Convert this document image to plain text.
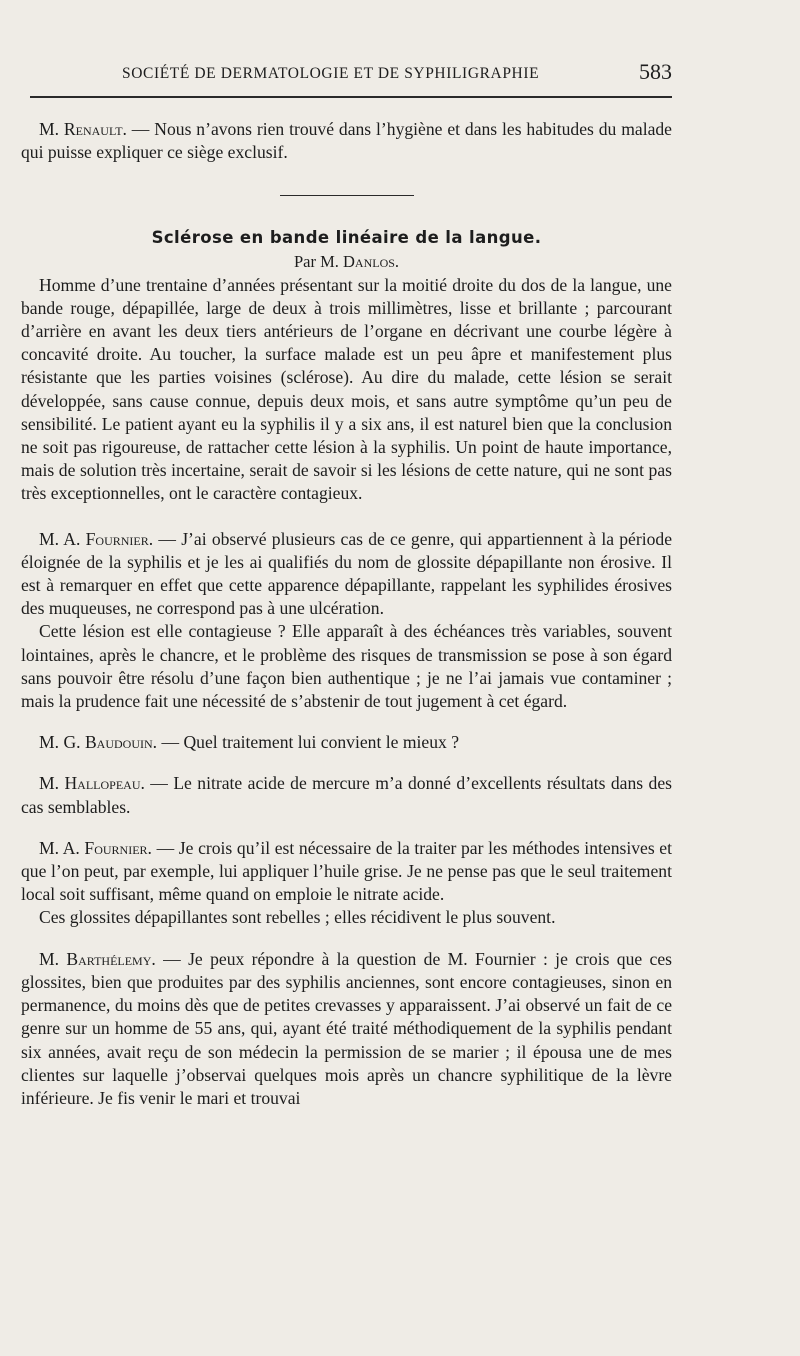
SOCIÉTÉ DE DERMATOLOGIE ET DE SYPHILIGRAPHIE	583

M. Renault. — Nous n’avons rien trouvé dans l’hygiène et dans les habitudes du malade qui puisse expliquer ce siège exclusif.

Sclérose en bande linéaire de la langue.

Par M. Danlos.

Homme d’une trentaine d’années présentant sur la moitié droite du dos de la langue, une bande rouge, dépapillée, large de deux à trois millimètres, lisse et brillante ; parcourant d’arrière en avant les deux tiers antérieurs de l’organe en décrivant une courbe légère à concavité droite. Au toucher, la surface malade est un peu âpre et manifestement plus résistante que les parties voisines (sclérose). Au dire du malade, cette lésion se serait développée, sans cause connue, depuis deux mois, et sans autre symptôme qu’un peu de sensibilité. Le patient ayant eu la syphilis il y a six ans, il est naturel bien que la conclusion ne soit pas rigoureuse, de rattacher cette lésion à la syphilis. Un point de haute importance, mais de solution très incertaine, serait de savoir si les lésions de cette nature, qui ne sont pas très exceptionnelles, ont le caractère contagieux.

M. A. Fournier. — J’ai observé plusieurs cas de ce genre, qui appartiennent à la période éloignée de la syphilis et je les ai qualifiés du nom de glossite dépapillante non érosive. Il est à remarquer en effet que cette apparence dépapillante, rappelant les syphilides érosives des muqueuses, ne correspond pas à une ulcération.

Cette lésion est elle contagieuse ? Elle apparaît à des échéances très variables, souvent lointaines, après le chancre, et le problème des risques de transmission se pose à son égard sans pouvoir être résolu d’une façon bien authentique ; je ne l’ai jamais vue contaminer ; mais la prudence fait une nécessité de s’abstenir de tout jugement à cet égard.

M. G. Baudouin. — Quel traitement lui convient le mieux ?

M. Hallopeau. — Le nitrate acide de mercure m’a donné d’excellents résultats dans des cas semblables.

M. A. Fournier. — Je crois qu’il est nécessaire de la traiter par les méthodes intensives et que l’on peut, par exemple, lui appliquer l’huile grise. Je ne pense pas que le seul traitement local soit suffisant, même quand on emploie le nitrate acide.

Ces glossites dépapillantes sont rebelles ; elles récidivent le plus souvent.

M. Barthélemy. — Je peux répondre à la question de M. Fournier : je crois que ces glossites, bien que produites par des syphilis anciennes, sont encore contagieuses, sinon en permanence, du moins dès que de petites crevasses y apparaissent. J’ai observé un fait de ce genre sur un homme de 55 ans, qui, ayant été traité méthodiquement de la syphilis pendant six années, avait reçu de son médecin la permission de se marier ; il épousa une de mes clientes sur laquelle j’observai quelques mois après un chancre syphilitique de la lèvre inférieure. Je fis venir le mari et trouvai
